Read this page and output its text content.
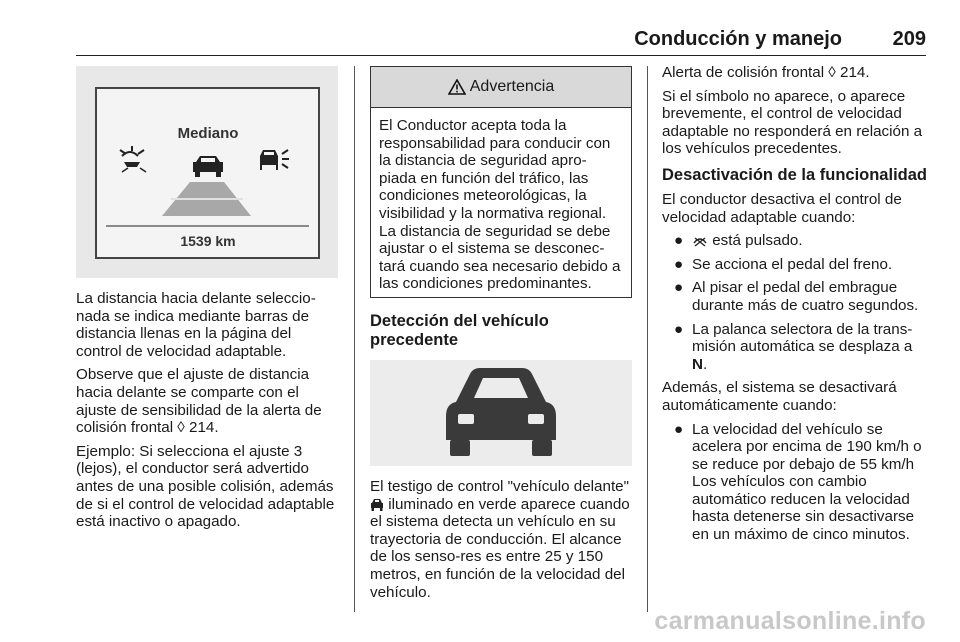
Conducción y manejo	209
Mediano
1539 km

La distancia hacia delante seleccio-nada se indica mediante barras de distancia llenas en la página del control de velocidad adaptable.

Observe que el ajuste de distancia hacia delante se comparte con el ajuste de sensibilidad de la alerta de colisión frontal ◊ 214.

Ejemplo: Si selecciona el ajuste 3 (lejos), el conductor será advertido antes de una posible colisión, además de si el control de velocidad adaptable está inactivo o apagado.

Advertencia
El Conductor acepta toda la responsabilidad para conducir con la distancia de seguridad apro-piada en función del tráfico, las condiciones meteorológicas, la visibilidad y la normativa regional. La distancia de seguridad se debe ajustar o el sistema se desconec-tará cuando sea necesario debido a las condiciones predominantes.
Detección del vehículo precedente

El testigo de control "vehículo delante"  iluminado en verde aparece cuando el sistema detecta un vehículo en su trayectoria de conducción. El alcance de los senso-res es entre 25 y 150 metros, en función de la velocidad del vehículo.

Alerta de colisión frontal ◊ 214.

Si el símbolo no aparece, o aparece brevemente, el control de velocidad adaptable no responderá en relación a los vehículos precedentes.

Desactivación de la funcionalidad

El conductor desactiva el control de velocidad adaptable cuando:

● está pulsado.
● Se acciona el pedal del freno.
● Al pisar el pedal del embrague durante más de cuatro segundos.
● La palanca selectora de la trans-misión automática se desplaza a N.

Además, el sistema se desactivará automáticamente cuando:

● La velocidad del vehículo se acelera por encima de 190 km/h o se reduce por debajo de 55 km/h Los vehículos con cambio automático reducen la velocidad hasta detenerse sin desactivarse en un máximo de cinco minutos.
carmanualsonline.info
